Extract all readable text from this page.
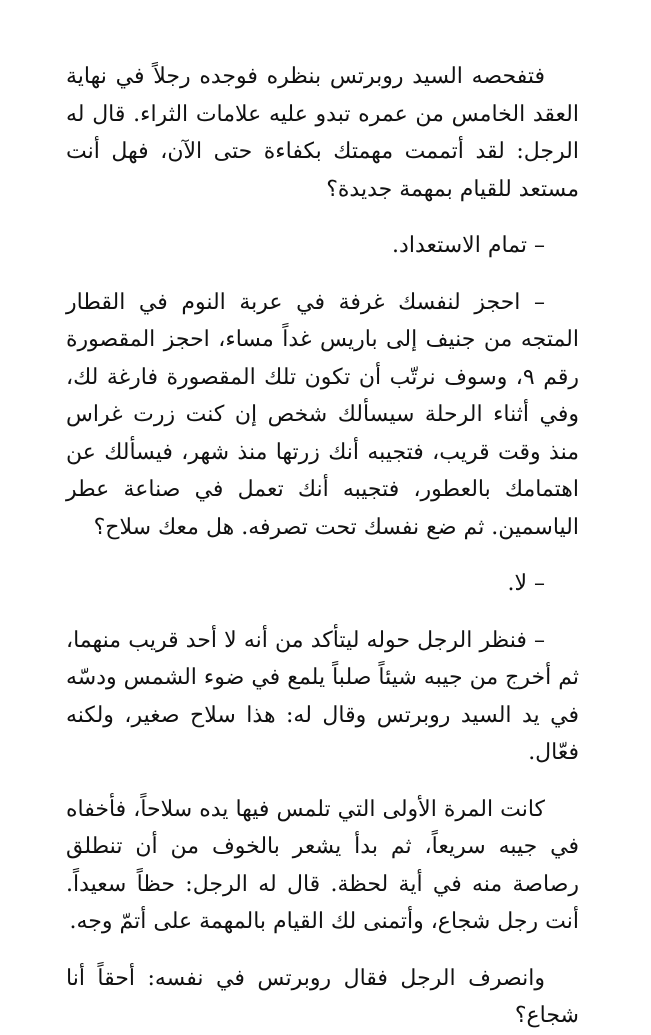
فتفحصه السيد روبرتس بنظره فوجده رجلاً في نهاية العقد الخامس من عمره تبدو عليه علامات الثراء. قال له الرجل: لقد أتممت مهمتك بكفاءة حتى الآن، فهل أنت مستعد للقيام بمهمة جديدة؟

– تمام الاستعداد.

– احجز لنفسك غرفة في عربة النوم في القطار المتجه من جنيف إلى باريس غداً مساء، احجز المقصورة رقم ٩، وسوف نرتّب أن تكون تلك المقصورة فارغة لك، وفي أثناء الرحلة سيسألك شخص إن كنت زرت غراس منذ وقت قريب، فتجيبه أنك زرتها منذ شهر، فيسألك عن اهتمامك بالعطور، فتجيبه أنك تعمل في صناعة عطر الياسمين. ثم ضع نفسك تحت تصرفه. هل معك سلاح؟

– لا.

– فنظر الرجل حوله ليتأكد من أنه لا أحد قريب منهما، ثم أخرج من جيبه شيئاً صلباً يلمع في ضوء الشمس ودسّه في يد السيد روبرتس وقال له: هذا سلاح صغير، ولكنه فعّال.

كانت المرة الأولى التي تلمس فيها يده سلاحاً، فأخفاه في جيبه سريعاً، ثم بدأ يشعر بالخوف من أن تنطلق رصاصة منه في أية لحظة. قال له الرجل: حظاً سعيداً. أنت رجل شجاع، وأتمنى لك القيام بالمهمة على أتمّ وجه.

وانصرف الرجل فقال روبرتس في نفسه: أحقاً أنا شجاع؟
